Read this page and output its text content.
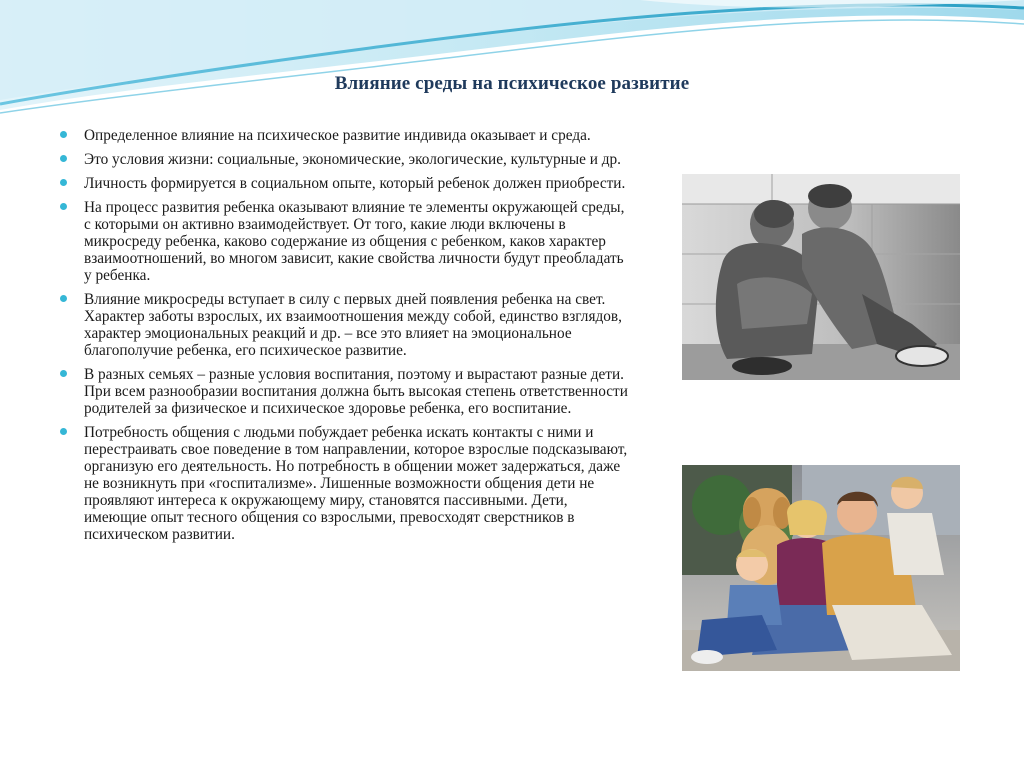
Влияние среды на психическое развитие
Определенное влияние на психическое развитие индивида оказывает и среда.
Это условия жизни: социальные, экономические, экологические, культурные и др.
Личность формируется в социальном опыте, который ребенок должен приобрести.
На процесс развития ребенка оказывают влияние те элементы окружающей среды, с которыми он активно взаимодействует. От того, какие люди включены в микросреду ребенка, каково содержание из общения с ребенком, каков характер взаимоотношений, во многом зависит, какие свойства личности будут преобладать у ребенка.
Влияние микросреды вступает в силу с первых дней появления ребенка на свет. Характер заботы взрослых, их взаимоотношения между собой, единство взглядов, характер эмоциональных реакций и др. – все это влияет на эмоциональное благополучие ребенка, его психическое развитие.
В разных семьях – разные условия воспитания, поэтому и вырастают разные дети. При всем разнообразии воспитания должна быть высокая степень ответственности родителей за физическое и психическое здоровье ребенка, его воспитание.
Потребность общения с людьми побуждает ребенка искать контакты с ними и перестраивать свое поведение в том направлении, которое взрослые подсказывают, организую его деятельность. Но потребность в общении может задержаться, даже не возникнуть при «госпитализме». Лишенные возможности общения дети не проявляют интереса к окружающему миру, становятся пассивными. Дети, имеющие опыт тесного общения со взрослыми, превосходят сверстников в психическом развитии.
